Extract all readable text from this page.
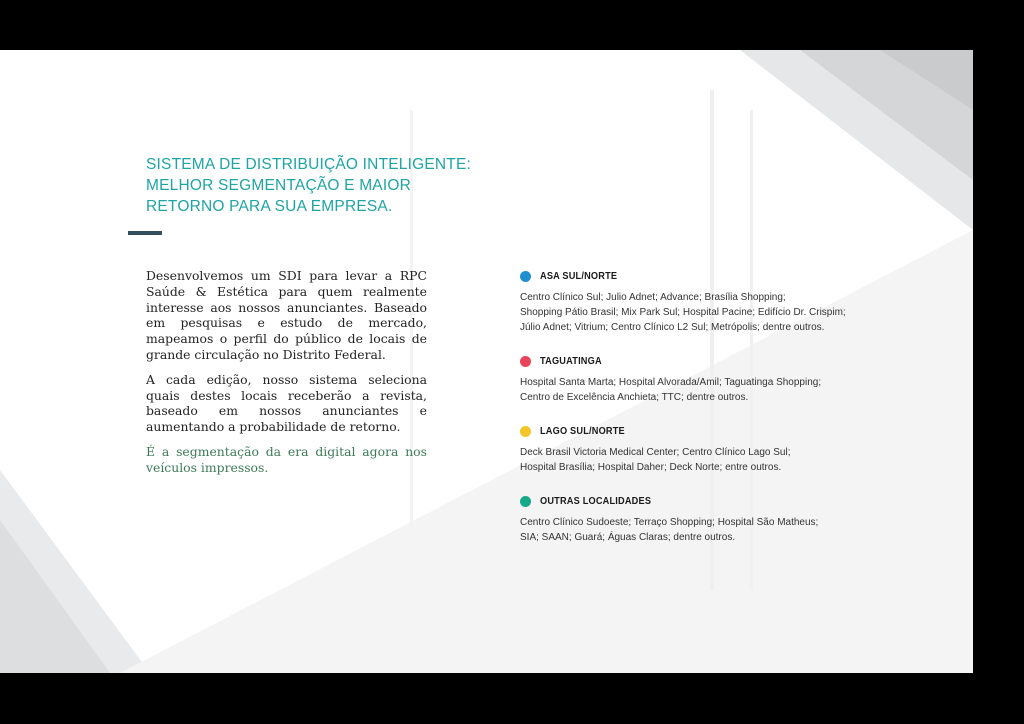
SISTEMA DE DISTRIBUIÇÃO INTELIGENTE:
MELHOR SEGMENTAÇÃO E MAIOR
RETORNO PARA SUA EMPRESA.

Desenvolvemos um SDI para levar a RPC Saúde & Estética para quem realmente interesse aos nossos anunciantes. Baseado em pesquisas e estudo de mercado, mapeamos o perfil do público de locais de grande circulação no Distrito Federal.

A cada edição, nosso sistema seleciona quais destes locais receberão a revista, baseado em nossos anunciantes e aumentando a probabilidade de retorno.

É a segmentação da era digital agora nos veículos impressos.

ASA SUL/NORTE
Centro Clínico Sul; Julio Adnet; Advance; Brasília Shopping;
Shopping Pátio Brasil; Mix Park Sul; Hospital Pacine; Edifício Dr. Crispim;
Júlio Adnet; Vitrium; Centro Clínico L2 Sul; Metrópolis; dentre outros.
TAGUATINGA
Hospital Santa Marta; Hospital Alvorada/Amil; Taguatinga Shopping;
Centro de Excelência Anchieta; TTC; dentre outros.
LAGO SUL/NORTE
Deck Brasil Victoria Medical Center; Centro Clínico Lago Sul;
Hospital Brasília; Hospital Daher; Deck Norte; entre outros.
OUTRAS LOCALIDADES
Centro Clínico Sudoeste; Terraço Shopping; Hospital São Matheus;
SIA; SAAN; Guará; Águas Claras; dentre outros.
